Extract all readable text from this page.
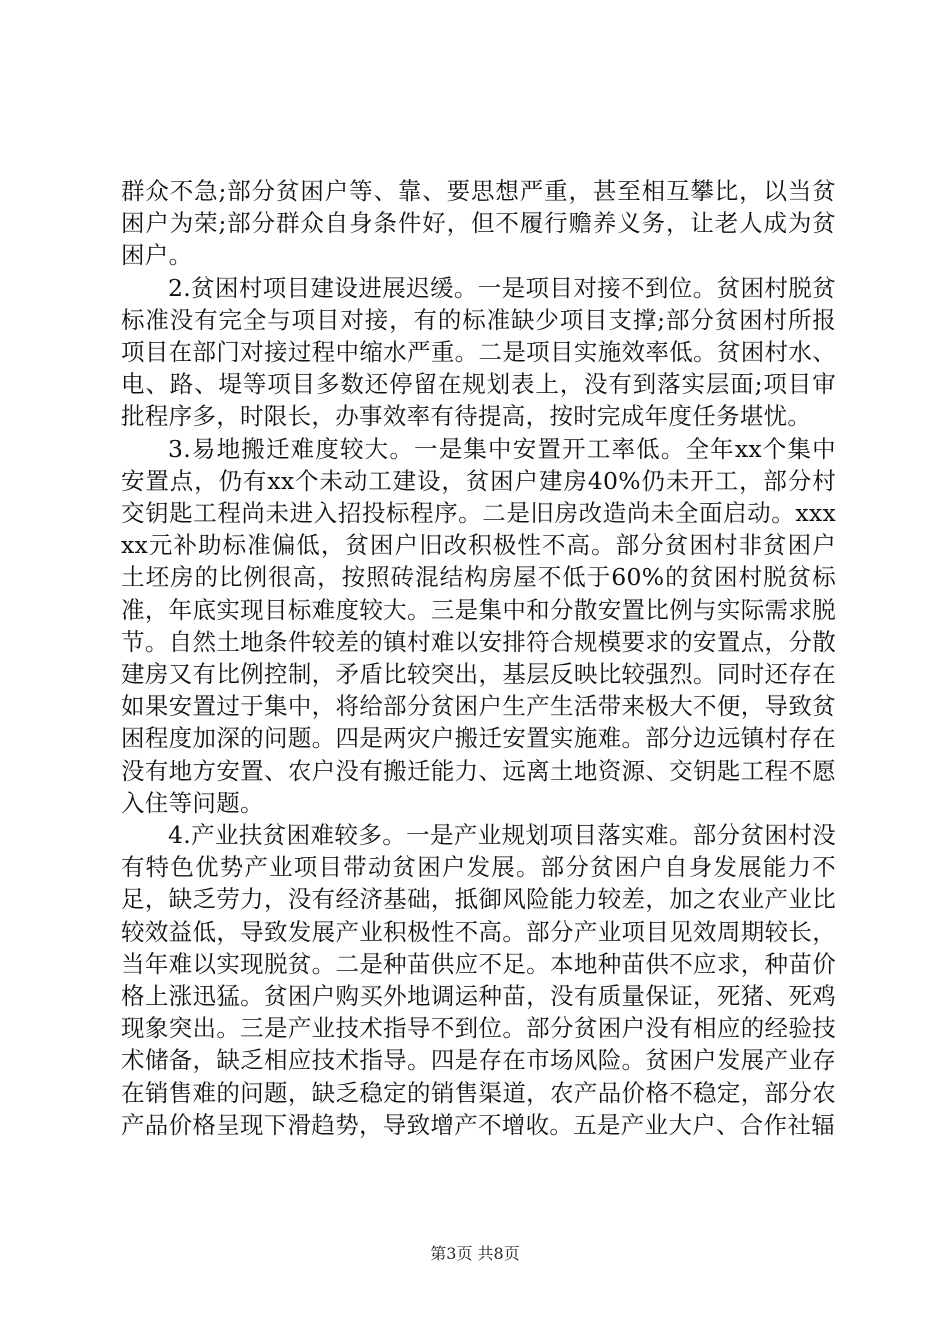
群众不急;部分贫困户等、靠、要思想严重，甚至相互攀比，以当贫困户为荣;部分群众自身条件好，但不履行赡养义务，让老人成为贫困户。

2.贫困村项目建设进展迟缓。一是项目对接不到位。贫困村脱贫标准没有完全与项目对接，有的标准缺少项目支撑;部分贫困村所报项目在部门对接过程中缩水严重。二是项目实施效率低。贫困村水、电、路、堤等项目多数还停留在规划表上，没有到落实层面;项目审批程序多，时限长，办事效率有待提高，按时完成年度任务堪忧。

3.易地搬迁难度较大。一是集中安置开工率低。全年xx个集中安置点，仍有xx个未动工建设，贫困户建房40%仍未开工，部分村交钥匙工程尚未进入招投标程序。二是旧房改造尚未全面启动。xxxxx元补助标准偏低，贫困户旧改积极性不高。部分贫困村非贫困户土坯房的比例很高，按照砖混结构房屋不低于60%的贫困村脱贫标准，年底实现目标难度较大。三是集中和分散安置比例与实际需求脱节。自然土地条件较差的镇村难以安排符合规模要求的安置点，分散建房又有比例控制，矛盾比较突出，基层反映比较强烈。同时还存在如果安置过于集中，将给部分贫困户生产生活带来极大不便，导致贫困程度加深的问题。四是两灾户搬迁安置实施难。部分边远镇村存在没有地方安置、农户没有搬迁能力、远离土地资源、交钥匙工程不愿入住等问题。

4.产业扶贫困难较多。一是产业规划项目落实难。部分贫困村没有特色优势产业项目带动贫困户发展。部分贫困户自身发展能力不足，缺乏劳力，没有经济基础，抵御风险能力较差，加之农业产业比较效益低，导致发展产业积极性不高。部分产业项目见效周期较长，当年难以实现脱贫。二是种苗供应不足。本地种苗供不应求，种苗价格上涨迅猛。贫困户购买外地调运种苗，没有质量保证，死猪、死鸡现象突出。三是产业技术指导不到位。部分贫困户没有相应的经验技术储备，缺乏相应技术指导。四是存在市场风险。贫困户发展产业存在销售难的问题，缺乏稳定的销售渠道，农产品价格不稳定，部分农产品价格呈现下滑趋势，导致增产不增收。五是产业大户、合作社辐

第3页 共8页
